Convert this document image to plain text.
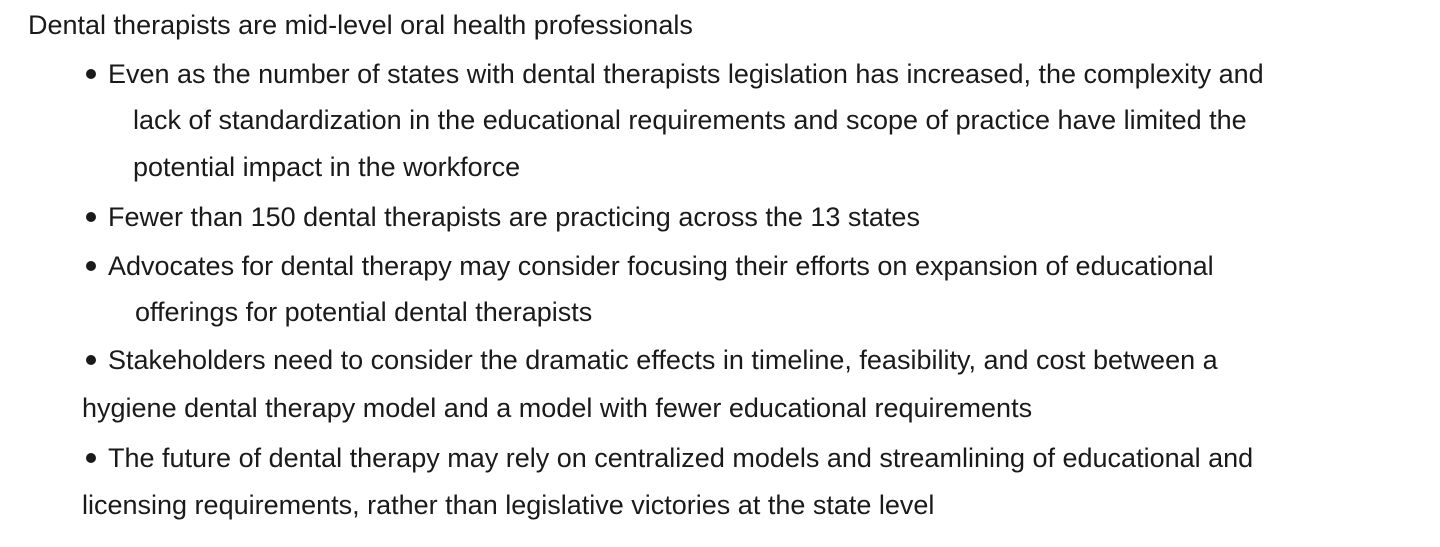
Dental therapists are mid-level oral health professionals
Even as the number of states with dental therapists legislation has increased, the complexity and
lack of standardization in the educational requirements and scope of practice have limited the
potential impact in the workforce
Fewer than 150 dental therapists are practicing across the 13 states
Advocates for dental therapy may consider focusing their efforts on expansion of educational
offerings for potential dental therapists
Stakeholders need to consider the dramatic effects in timeline, feasibility, and cost between a
hygiene dental therapy model and a model with fewer educational requirements
The future of dental therapy may rely on centralized models and streamlining of educational and
licensing requirements, rather than legislative victories at the state level
